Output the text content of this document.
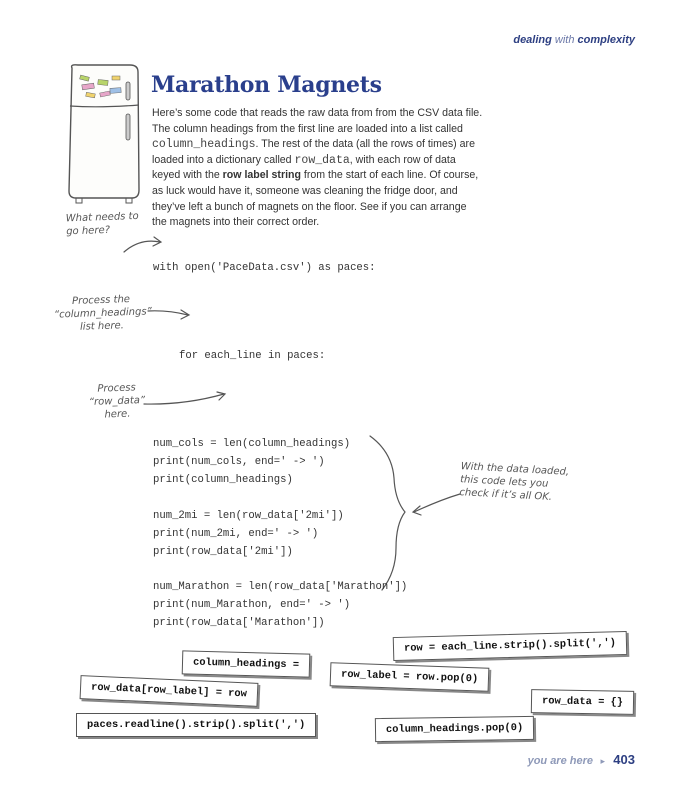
dealing with complexity
Marathon Magnets
Here’s some code that reads the raw data from from the CSV data file. The column headings from the first line are loaded into a list called column_headings. The rest of the data (all the rows of times) are loaded into a dictionary called row_data, with each row of data keyed with the row label string from the start of each line. Of course, as luck would have it, someone was cleaning the fridge door, and they’ve left a bunch of magnets on the floor. See if you can arrange the magnets into their correct order.
What needs to go here?
Process the “column_headings” list here.
Process “row_data” here.
With the data loaded, this code lets you check if it’s all OK.
with open('PaceData.csv') as paces:
for each_line in paces:
num_cols = len(column_headings)
print(num_cols, end=' -> ')
print(column_headings)
num_2mi = len(row_data['2mi'])
print(num_2mi, end=' -> ')
print(row_data['2mi'])
num_Marathon = len(row_data['Marathon'])
print(num_Marathon, end=' -> ')
print(row_data['Marathon'])
row = each_line.strip().split(',')
column_headings =
row_label = row.pop(0)
row_data[row_label] = row
row_data = {}
paces.readline().strip().split(',')	column_headings.pop(0)
you are here ▸ 403
